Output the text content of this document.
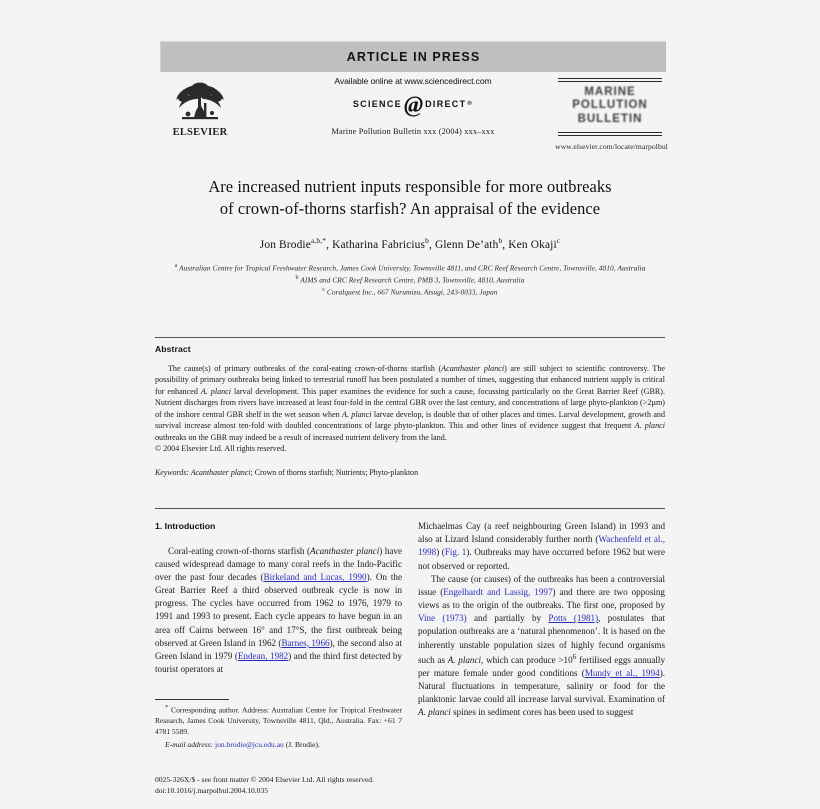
ARTICLE IN PRESS
ELSEVIER
Available online at www.sciencedirect.com
SCIENCE @ DIRECT ®
Marine Pollution Bulletin xxx (2004) xxx–xxx
MARINE
POLLUTION
BULLETIN
www.elsevier.com/locate/marpolbul
Are increased nutrient inputs responsible for more outbreaks
of crown-of-thorns starfish? An appraisal of the evidence
Jon Brodie$^{a,b,*}$, Katharina Fabricius$^b$, Glenn De’ath$^b$, Ken Okaji$^c$
$^a$ Australian Centre for Tropical Freshwater Research, James Cook University, Townsville 4811, and CRC Reef Research Centre, Townsville, 4810, Australia
$^b$ AIMS and CRC Reef Research Centre, PMB 3, Townsville, 4810, Australia
$^c$ Coralquest Inc., 667 Nurumizu, Atsugi, 243-0033, Japan
Abstract
The cause(s) of primary outbreaks of the coral-eating crown-of-thorns starfish (Acanthaster planci) are still subject to scientific controversy. The possibility of primary outbreaks being linked to terrestrial runoff has been postulated a number of times, suggesting that enhanced nutrient supply is critical for enhanced A. planci larval development. This paper examines the evidence for such a cause, focussing particularly on the Great Barrier Reef (GBR). Nutrient discharges from rivers have increased at least four-fold in the central GBR over the last century, and concentrations of large phyto-plankton (>2µm) of the inshore central GBR shelf in the wet season when A. planci larvae develop, is double that of other places and times. Larval development, growth and survival increase almost ten-fold with doubled concentrations of large phyto-plankton. This and other lines of evidence suggest that frequent A. planci outbreaks on the GBR may indeed be a result of increased nutrient delivery from the land.
© 2004 Elsevier Ltd. All rights reserved.
Keywords: Acanthaster planci; Crown of thorns starfish; Nutrients; Phyto-plankton
1. Introduction

Coral-eating crown-of-thorns starfish (Acanthaster planci) have caused widespread damage to many coral reefs in the Indo-Pacific over the past four decades (Birkeland and Lucas, 1990). On the Great Barrier Reef a third observed outbreak cycle is now in progress. The cycles have occurred from 1962 to 1976, 1979 to 1991 and 1993 to present. Each cycle appears to have begun in an area off Cairns between 16° and 17°S, the first outbreak being observed at Green Island in 1962 (Barnes, 1966), the second also at Green Island in 1979 (Endean, 1982) and the third first detected by tourist operators at

Michaelmas Cay (a reef neighbouring Green Island) in 1993 and also at Lizard Island considerably further north (Wachenfeld et al., 1998) (Fig. 1). Outbreaks may have occurred before 1962 but were not observed or reported.

The cause (or causes) of the outbreaks has been a controversial issue (Engelhardt and Lassig, 1997) and there are two opposing views as to the origin of the outbreaks. The first one, proposed by Vine (1973) and partially by Potts (1981), postulates that population outbreaks are a ‘natural phenomenon’. It is based on the inherently unstable population sizes of highly fecund organisms such as A. planci, which can produce $>10^6$ fertilised eggs annually per mature female under good conditions (Mundy et al., 1994). Natural fluctuations in temperature, salinity or food for the planktonic larvae could all increase larval survival. Examination of A. planci spines in sediment cores has been used to suggest

* Corresponding author. Address: Australian Centre for Tropical Freshwater Research, James Cook University, Townsville 4811, Qld., Australia. Fax: +61 7 4781 5589.
E-mail address: jon.brodie@jcu.edu.au (J. Brodie).
0025-326X/$ - see front matter © 2004 Elsevier Ltd. All rights reserved.
doi:10.1016/j.marpolbul.2004.10.035
